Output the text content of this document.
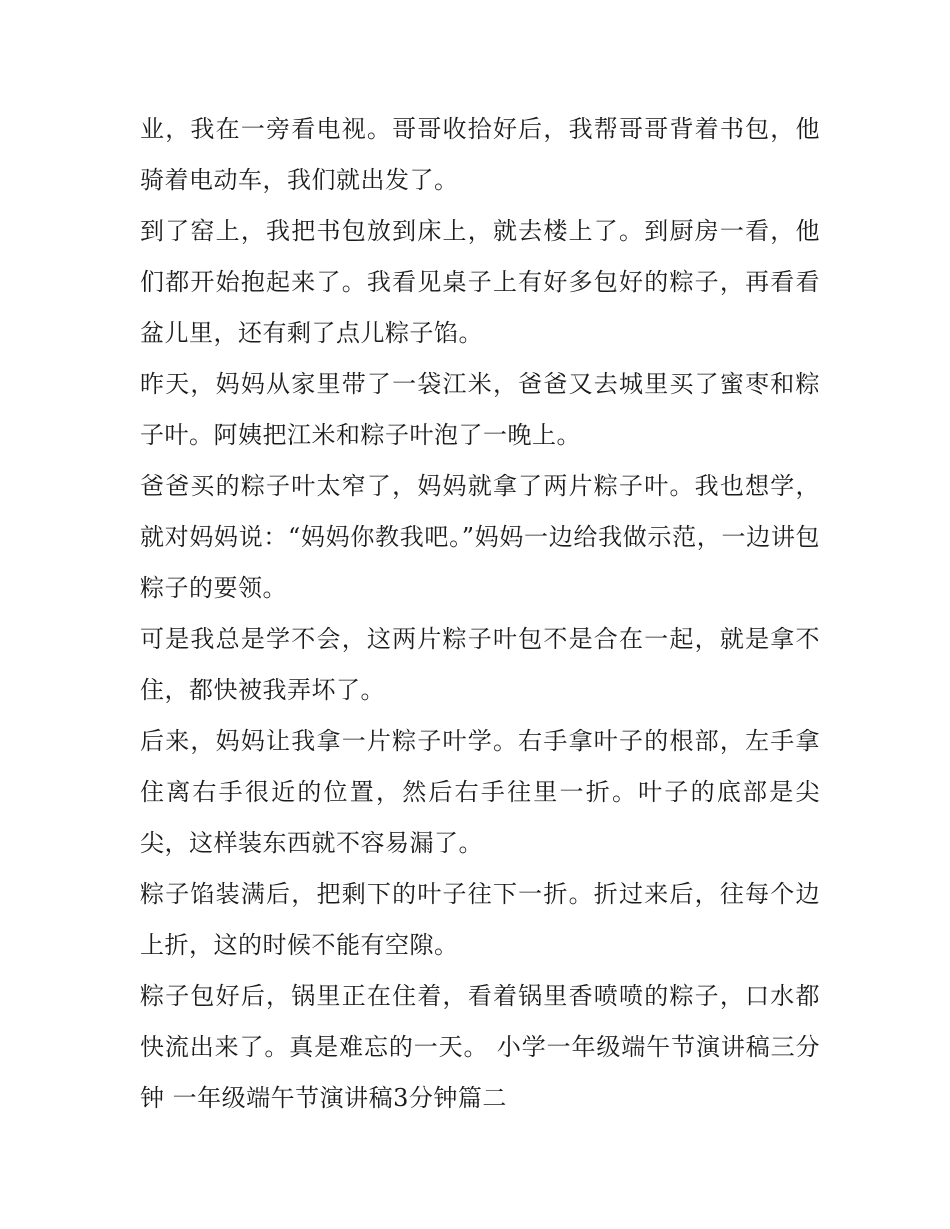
业，我在一旁看电视。哥哥收拾好后，我帮哥哥背着书包，他骑着电动车，我们就出发了。

到了窑上，我把书包放到床上，就去楼上了。到厨房一看，他们都开始抱起来了。我看见桌子上有好多包好的粽子，再看看盆儿里，还有剩了点儿粽子馅。

昨天，妈妈从家里带了一袋江米，爸爸又去城里买了蜜枣和粽子叶。阿姨把江米和粽子叶泡了一晚上。

爸爸买的粽子叶太窄了，妈妈就拿了两片粽子叶。我也想学，就对妈妈说：“妈妈你教我吧。”妈妈一边给我做示范，一边讲包粽子的要领。

可是我总是学不会，这两片粽子叶包不是合在一起，就是拿不住，都快被我弄坏了。

后来，妈妈让我拿一片粽子叶学。右手拿叶子的根部，左手拿住离右手很近的位置，然后右手往里一折。叶子的底部是尖尖，这样装东西就不容易漏了。

粽子馅装满后，把剩下的叶子往下一折。折过来后，往每个边上折，这的时候不能有空隙。

粽子包好后，锅里正在住着，看着锅里香喷喷的粽子，口水都快流出来了。真是难忘的一天。 小学一年级端午节演讲稿三分钟 一年级端午节演讲稿3分钟篇二
